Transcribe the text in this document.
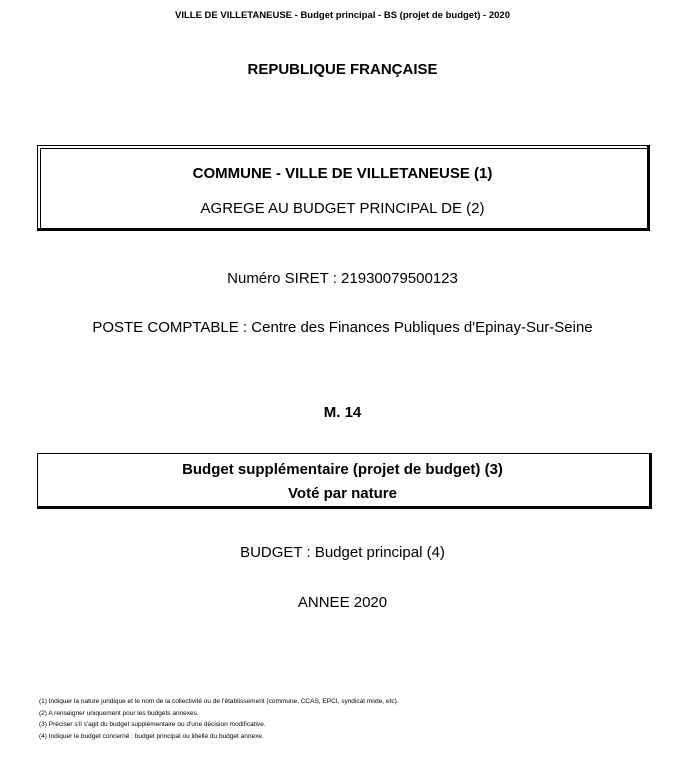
VILLE DE VILLETANEUSE - Budget principal - BS (projet de budget) - 2020
REPUBLIQUE FRANÇAISE
COMMUNE - VILLE DE VILLETANEUSE (1)
AGREGE AU BUDGET PRINCIPAL DE (2)
Numéro SIRET : 21930079500123
POSTE COMPTABLE : Centre des Finances Publiques d'Epinay-Sur-Seine
M. 14
Budget supplémentaire (projet de budget) (3)
Voté par nature
BUDGET : Budget principal (4)
ANNEE 2020
(1) Indiquer la nature juridique et le nom de la collectivité ou de l'établissement (commune, CCAS, EPCI, syndicat mixte, etc).
(2) A renseigner uniquement pour les budgets annexes.
(3) Préciser s'il s'agit du budget supplémentaire ou d'une décision modificative.
(4) Indiquer le budget concerné : budget principal ou libellé du budget annexe.
